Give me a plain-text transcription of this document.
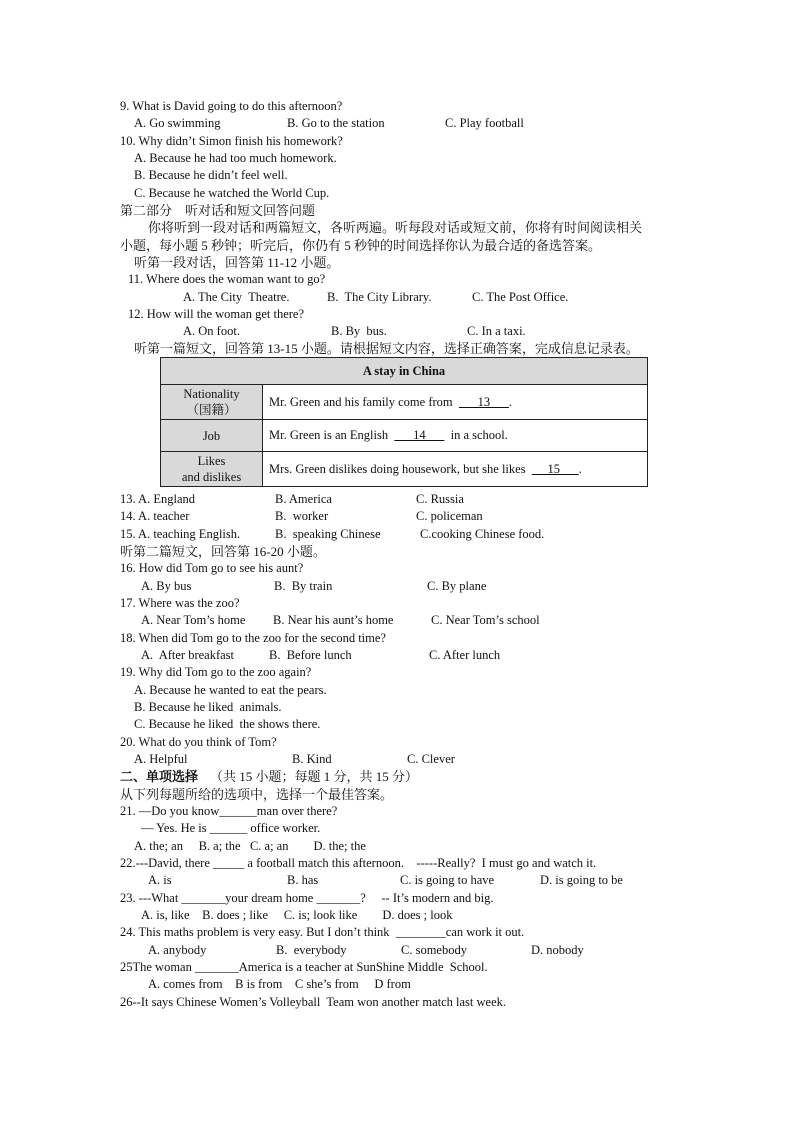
9. What is David going to do this afternoon?
A. Go swimming	B. Go to the station	C. Play football
10. Why didn’t Simon finish his homework?
A. Because he had too much homework.
B. Because he didn’t feel well.
C. Because he watched the World Cup.
第二部分    听对话和短文回答问题
你将听到一段对话和两篇短文，各听两遍。听每段对话或短文前，你将有时间阅读相关
小题，每小题 5 秒钟；听完后，你仍有 5 秒钟的时间选择你认为最合适的备选答案。
听第一段对话，回答第 11-12 小题。
11. Where does the woman want to go?
A. The City  Theatre.	B.  The City Library.	C. The Post Office.
12. How will the woman get there?
A. On foot.	B. By  bus.	C. In a taxi.
听第一篇短文，回答第 13-15 小题。请根据短文内容，选择正确答案，完成信息记录表。
13. A. England	B. America	C. Russia
14. A. teacher	B.  worker	C. policeman
15. A. teaching English.	B.  speaking Chinese	C.cooking Chinese food.
听第二篇短文，回答第 16-20 小题。
16. How did Tom go to see his aunt?
A. By bus	B.  By train	C. By plane
17. Where was the zoo?
A. Near Tom’s home B. Near his aunt’s home	C. Near Tom’s school
18. When did Tom go to the zoo for the second time?
A.  After breakfast	B.  Before lunch	C. After lunch
19. Why did Tom go to the zoo again?
A. Because he wanted to eat the pears.
B. Because he liked  animals.
C. Because he liked  the shows there.
20. What do you think of Tom?
A. Helpful	B. Kind	C. Clever
二、单项选择 （共 15 小题；每题 1 分，共 15 分）
从下列每题所给的选项中，选择一个最佳答案。
21. —Do you know______man over there?
— Yes. He is ______ office worker.
A. the; an     B. a; the   C. a; an        D. the; the
22.---David, there _____ a football match this afternoon.    -----Really?  I must go and watch it.
A. is	B. has	C. is going to have	D. is going to be
23. ---What _______your dream home _______?     -- It’s modern and big.
A. is, like    B. does ; like     C. is; look like        D. does ; look
24. This maths problem is very easy. But I don’t think  ________can work it out.
A. anybody	B.  everybody	C. somebody	D. nobody
25The woman _______America is a teacher at SunShine Middle  School.
A. comes from    B is from    C she’s from     D from
26--It says Chinese Women’s Volleyball  Team won another match last week.
A stay in China	
Nationality
（国籍）	Mr. Green and his family come from        13      .
Job	Mr. Green is an English        14        in a school.
Likes
and dislikes	Mrs. Green dislikes doing housework, but she likes       15      .
